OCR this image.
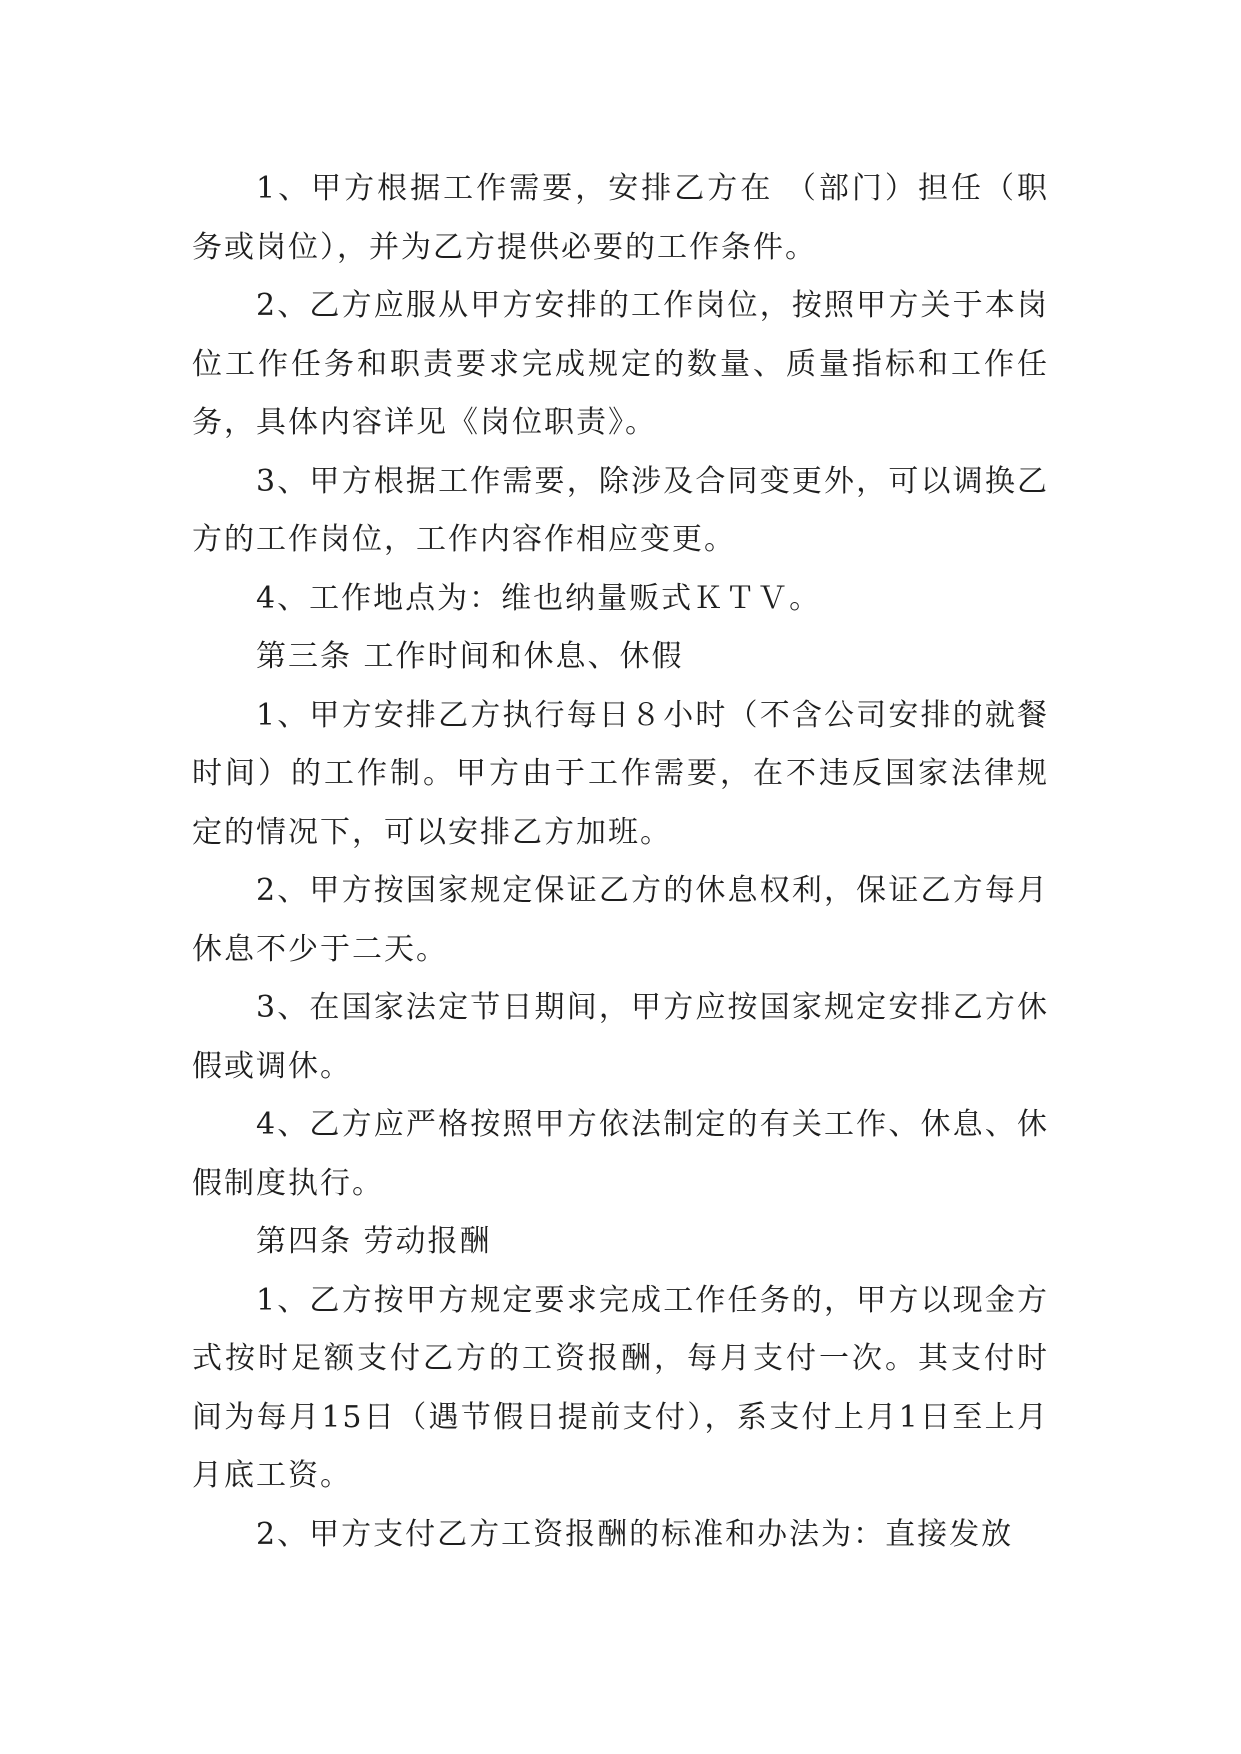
1、甲方根据工作需要，安排乙方在 （部门）担任（职务或岗位），并为乙方提供必要的工作条件。

2、乙方应服从甲方安排的工作岗位，按照甲方关于本岗位工作任务和职责要求完成规定的数量、质量指标和工作任务，具体内容详见《岗位职责》。

3、甲方根据工作需要，除涉及合同变更外，可以调换乙方的工作岗位，工作内容作相应变更。

4、工作地点为：维也纳量贩式ＫＴＶ。

第三条 工作时间和休息、休假

1、甲方安排乙方执行每日８小时（不含公司安排的就餐时间）的工作制。甲方由于工作需要，在不违反国家法律规定的情况下，可以安排乙方加班。

2、甲方按国家规定保证乙方的休息权利，保证乙方每月休息不少于二天。

3、在国家法定节日期间，甲方应按国家规定安排乙方休假或调休。

4、乙方应严格按照甲方依法制定的有关工作、休息、休假制度执行。

第四条 劳动报酬

1、乙方按甲方规定要求完成工作任务的，甲方以现金方式按时足额支付乙方的工资报酬，每月支付一次。其支付时间为每月15日（遇节假日提前支付），系支付上月1日至上月月底工资。

2、甲方支付乙方工资报酬的标准和办法为：直接发放
